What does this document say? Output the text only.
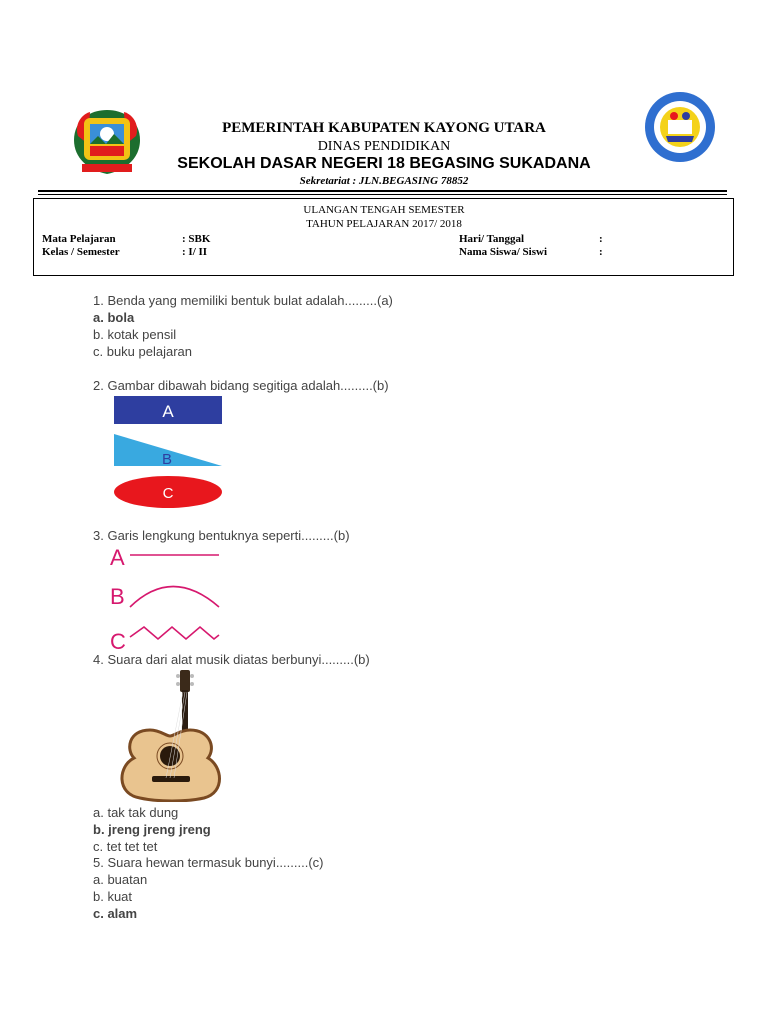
PEMERINTAH KABUPATEN KAYONG UTARA
DINAS PENDIDIKAN
SEKOLAH DASAR NEGERI 18 BEGASING SUKADANA
Sekretariat : JLN.BEGASING 78852
ULANGAN TENGAH SEMESTER
TAHUN PELAJARAN 2017/ 2018
Mata Pelajaran	: SBK	Hari/ Tanggal	:
Kelas / Semester	: I/ II	Nama Siswa/ Siswi	:
1. Benda yang memiliki bentuk bulat adalah.........(a)
a. bola
b. kotak pensil
c. buku pelajaran
2. Gambar dibawah bidang segitiga adalah.........(b)
A
B
C
3. Garis lengkung bentuknya seperti.........(b)
A
B
C
4. Suara dari alat musik diatas berbunyi.........(b)
a. tak tak dung
b. jreng jreng jreng
c. tet tet tet
5. Suara hewan termasuk bunyi.........(c)
a. buatan
b. kuat
c. alam
